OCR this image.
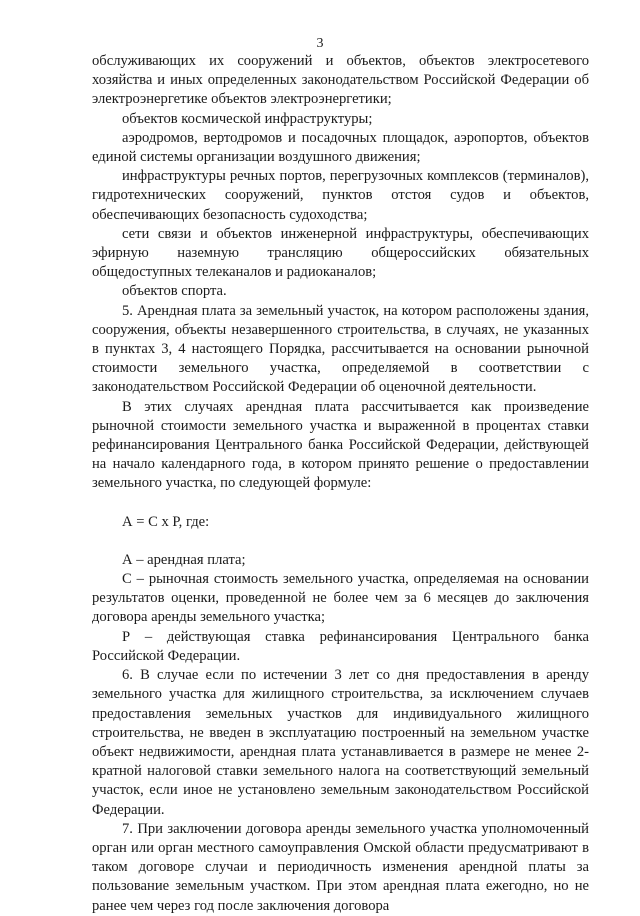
3

обслуживающих их сооружений и объектов, объектов электросетевого хозяйства и иных определенных законодательством Российской Федерации об электроэнергетике объектов электроэнергетики;

объектов космической инфраструктуры;

аэродромов, вертодромов и посадочных площадок, аэропортов, объектов единой системы организации воздушного движения;

инфраструктуры речных портов, перегрузочных комплексов (терминалов), гидротехнических сооружений, пунктов отстоя судов и объектов, обеспечивающих безопасность судоходства;

сети связи и объектов инженерной инфраструктуры, обеспечивающих эфирную наземную трансляцию общероссийских обязательных общедоступных телеканалов и радиоканалов;

объектов спорта.

5. Арендная плата за земельный участок, на котором расположены здания, сооружения, объекты незавершенного строительства, в случаях, не указанных в пунктах 3, 4 настоящего Порядка, рассчитывается на основании рыночной стоимости земельного участка, определяемой в соответствии с законодательством Российской Федерации об оценочной деятельности.

В этих случаях арендная плата рассчитывается как произведение рыночной стоимости земельного участка и выраженной в процентах ставки рефинансирования Центрального банка Российской Федерации, действующей на начало календарного года, в котором принято решение о предоставлении земельного участка, по следующей формуле:

А = С х Р, где:

А – арендная плата;

С – рыночная стоимость земельного участка, определяемая на основании результатов оценки, проведенной не более чем за 6 месяцев до заключения договора аренды земельного участка;

Р – действующая ставка рефинансирования Центрального банка Российской Федерации.

6. В случае если по истечении 3 лет со дня предоставления в аренду земельного участка для жилищного строительства, за исключением случаев предоставления земельных участков для индивидуального жилищного строительства, не введен в эксплуатацию построенный на земельном участке объект недвижимости, арендная плата устанавливается в размере не менее 2-кратной налоговой ставки земельного налога на соответствующий земельный участок, если иное не установлено земельным законодательством Российской Федерации.

7. При заключении договора аренды земельного участка уполномоченный орган или орган местного самоуправления Омской области предусматривают в таком договоре случаи и периодичность изменения арендной платы за пользование земельным участком. При этом арендная плата ежегодно, но не ранее чем через год после заключения договора
